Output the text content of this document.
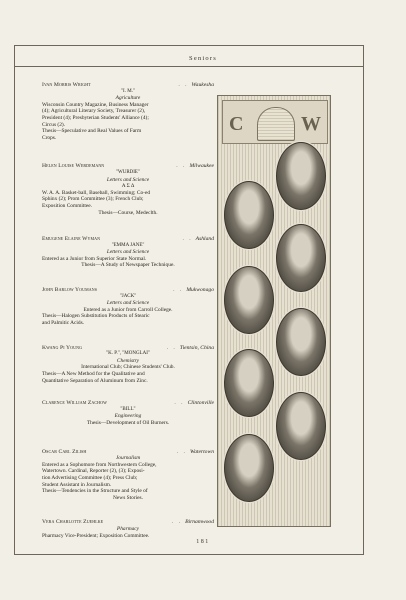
Seniors
Ivan Morris Wright	. . Waukesha
"I. M."
Agriculture
Wisconsin Country Magazine, Business Manager
(4); Agricultural Literary Society, Treasurer (2),
President (4); Presbyterian Students' Alliance (4);
Circus (2).
Thesis—Speculative and Real Values of Farm
Crops.
Helen Louise Werdemann	. . Milwaukee
"WURDIE"
Letters and Science
Α Σ Δ
W. A. A. Basket-ball, Baseball, Swimming; Co-ed
Sphinx (2); Prom Committee (3); French Club;
Exposition Committee.
Thesis—Course, Medeclth.
Emugene Elaine Wyman	. . Ashland
"EMMA JANE"
Letters and Science
Entered as a Junior from Superior State Normal.
Thesis—A Study of Newspaper Technique.
John Barlow Youmans	. . Mukwonago
"JACK"
Letters and Science
Entered as a Junior from Carroll College.
Thesis—Halogen Substitution Products of Stearic
and Palmitic Acids.
Kwang Pi Young	. . Tientsin, China
"K. P.", "MONGLAI"
Chemistry
International Club; Chinese Students' Club.
Thesis—A New Method for the Qualitative and
Quantitative Separation of Aluminum from Zinc.
Clarence William Zachow	. . Clintonville
"BILL"
Engineering
Thesis—Development of Oil Burners.
Oscar Carl Zilish	. . Watertown
Journalism
Entered as a Sophomore from Northwestern College,
Watertown. Cardinal, Reporter (2), (3); Exposi-
tion Advertising Committee (4); Press Club;
Student Assistant in Journalism.
Thesis—Tendencies in the Structure and Style of
News Stories.
Vera Charlotte Zuehlke	. . Birnamwood
Pharmacy
Pharmacy Vice-President; Exposition Committee.
C	W
181
